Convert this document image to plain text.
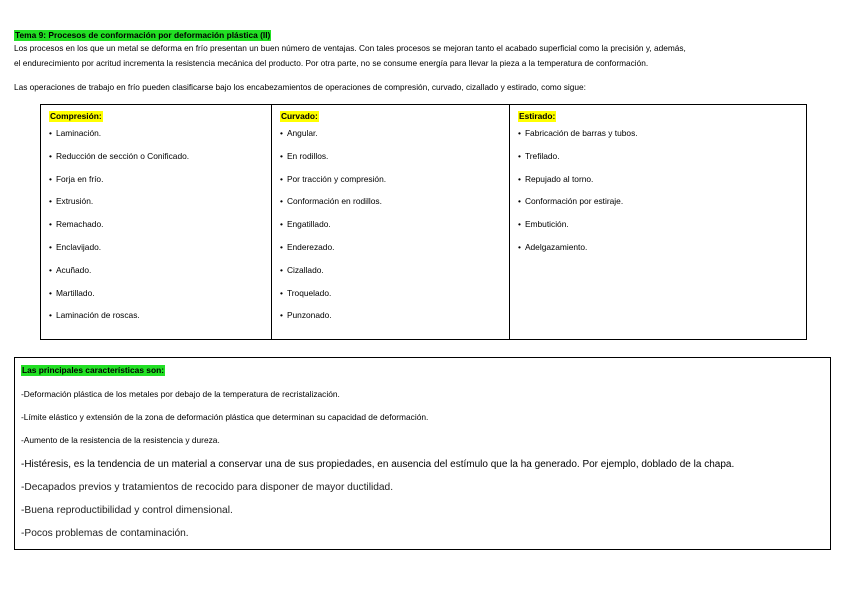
Tema 9: Procesos de conformación por deformación plástica (II)
Los procesos en los que un metal se deforma en frío presentan un buen número de ventajas. Con tales procesos se mejoran tanto el acabado superficial como la precisión y, además,
el endurecimiento por acritud incrementa la resistencia mecánica del producto. Por otra parte, no se consume energía para llevar la pieza a la temperatura de conformación.
Las operaciones de trabajo en frío pueden clasificarse bajo los encabezamientos de operaciones de compresión, curvado, cizallado y estirado, como sigue:
Compresión:
• Laminación.
• Reducción de sección o Conificado.
• Forja en frío.
• Extrusión.
• Remachado.
• Enclavijado.
• Acuñado.
• Martillado.
• Laminación de roscas.
	Curvado:
• Angular.
• En rodillos.
• Por tracción y compresión.
• Conformación en rodillos.
• Engatillado.
• Enderezado.
• Cizallado.
• Troquelado.
• Punzonado.
	Estirado:
• Fabricación de barras y tubos.
• Trefilado.
• Repujado al torno.
• Conformación por estiraje.
• Embutición.
• Adelgazamiento.
Las principales características son:
-Deformación plástica de los metales por debajo de la temperatura de recristalización.
-Límite elástico y extensión de la zona de deformación plástica que determinan su capacidad de deformación.
-Aumento de la resistencia de la resistencia y dureza.
-Histéresis, es la tendencia de un material a conservar una de sus propiedades, en ausencia del estímulo que la ha generado. Por ejemplo, doblado de la chapa.
-Decapados previos y tratamientos de recocido para disponer de mayor ductilidad.
-Buena reproductibilidad y control dimensional.
-Pocos problemas de contaminación.
